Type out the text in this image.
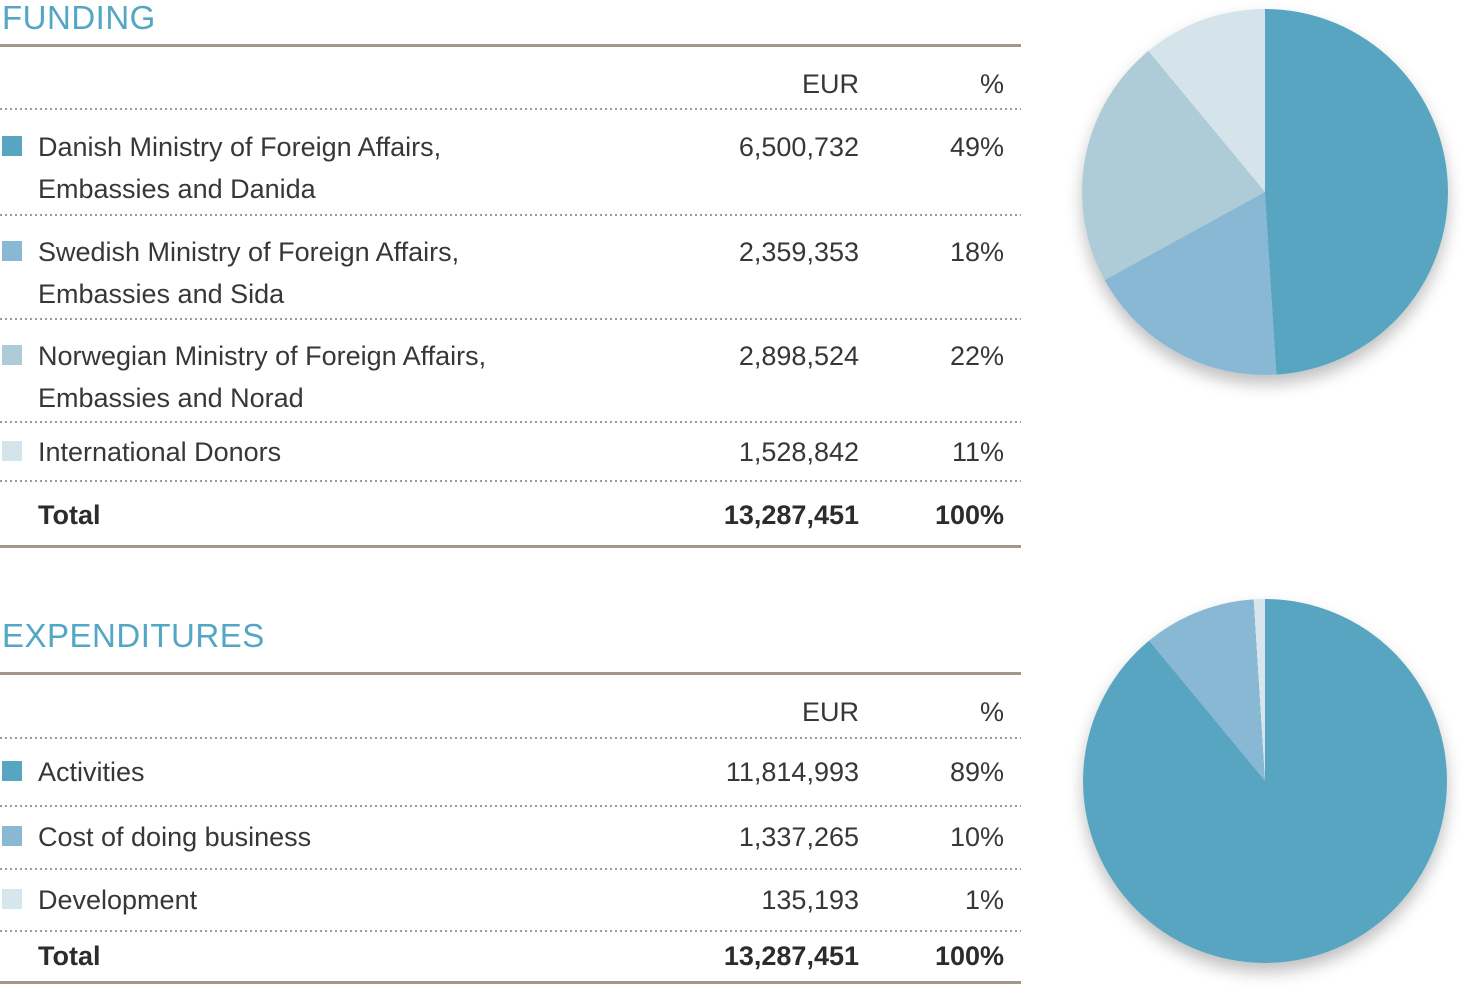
FUNDING
EUR	%
Danish Ministry of Foreign Affairs,
Embassies and Danida
6,500,732	49%
Swedish Ministry of Foreign Affairs,
Embassies and Sida
2,359,353	18%
Norwegian Ministry of Foreign Affairs,
Embassies and Norad
2,898,524	22%
International Donors	1,528,842	11%
Total	13,287,451	100%
EXPENDITURES
EUR	%
Activities	11,814,993	89%
Cost of doing business	1,337,265	10%
Development	135,193	1%
Total	13,287,451	100%
